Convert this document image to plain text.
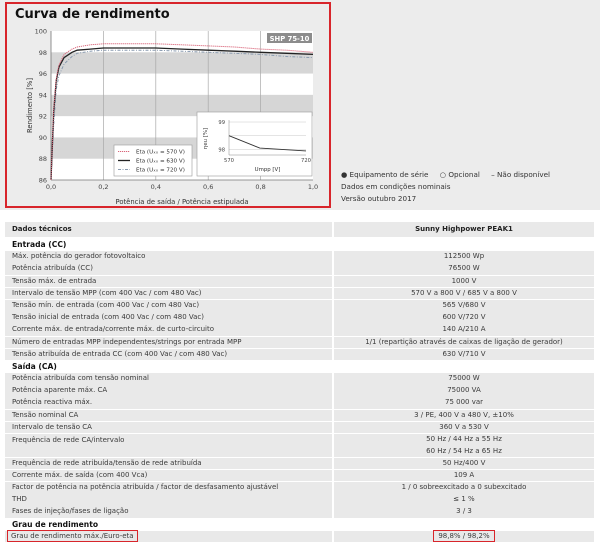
Curva de rendimento
86
88
90
92
94
96
98
100
0,0	0,2	0,4	0,6	0,8	1,0
Potência de saída / Potência estipulada
Rendimento [%]
SHP 75-10
Eta (Uₓₓ = 570 V)
Eta (Uₓₓ = 630 V)
Eta (Uₓₓ = 720 V)
99
98
570	720
Umpp [V]
ηeu [%]
● Equipamento de série ○ Opcional – Não disponível
Dados em condições nominais
Versão outubro 2017
Dados técnicos	Sunny Highpower PEAK1
Entrada (CC)
Máx. potência do gerador fotovoltaico	112500 Wp
Potência atribuída (CC)	76500 W
Tensão máx. de entrada	1000 V
Intervalo de tensão MPP (com 400 Vac / com 480 Vac)	570 V a 800 V / 685 V a 800 V
Tensão mín. de entrada (com 400 Vac / com 480 Vac)	565 V/680 V
Tensão inicial de entrada (com 400 Vac / com 480 Vac)	600 V/720 V
Corrente máx. de entrada/corrente máx. de curto-circuito	140 A/210 A
Número de entradas MPP independentes/strings por entrada MPP	1/1 (repartição através de caixas de ligação de gerador)
Tensão atribuída de entrada CC (com 400 Vac / com 480 Vac)	630 V/710 V
Saída (CA)
Potência atribuída com tensão nominal	75000 W
Potência aparente máx. CA	75000 VA
Potência reactiva máx.	75 000 var
Tensão nominal CA	3 / PE, 400 V a 480 V, ±10%
Intervalo de tensão CA	360 V a 530 V
Frequência de rede CA/intervalo	50 Hz / 44 Hz a 55 Hz
60 Hz / 54 Hz a 65 Hz
Frequência de rede atribuída/tensão de rede atribuída	50 Hz/400 V
Corrente máx. de saída (com 400 Vca)	109 A
Factor de potência na potência atribuída / factor de desfasamento ajustável	1 / 0 sobreexcitado a 0 subexcitado
THD	≤ 1 %
Fases de injeção/fases de ligação	3 / 3
Grau de rendimento
Grau de rendimento máx./Euro-eta	98,8% / 98,2%
